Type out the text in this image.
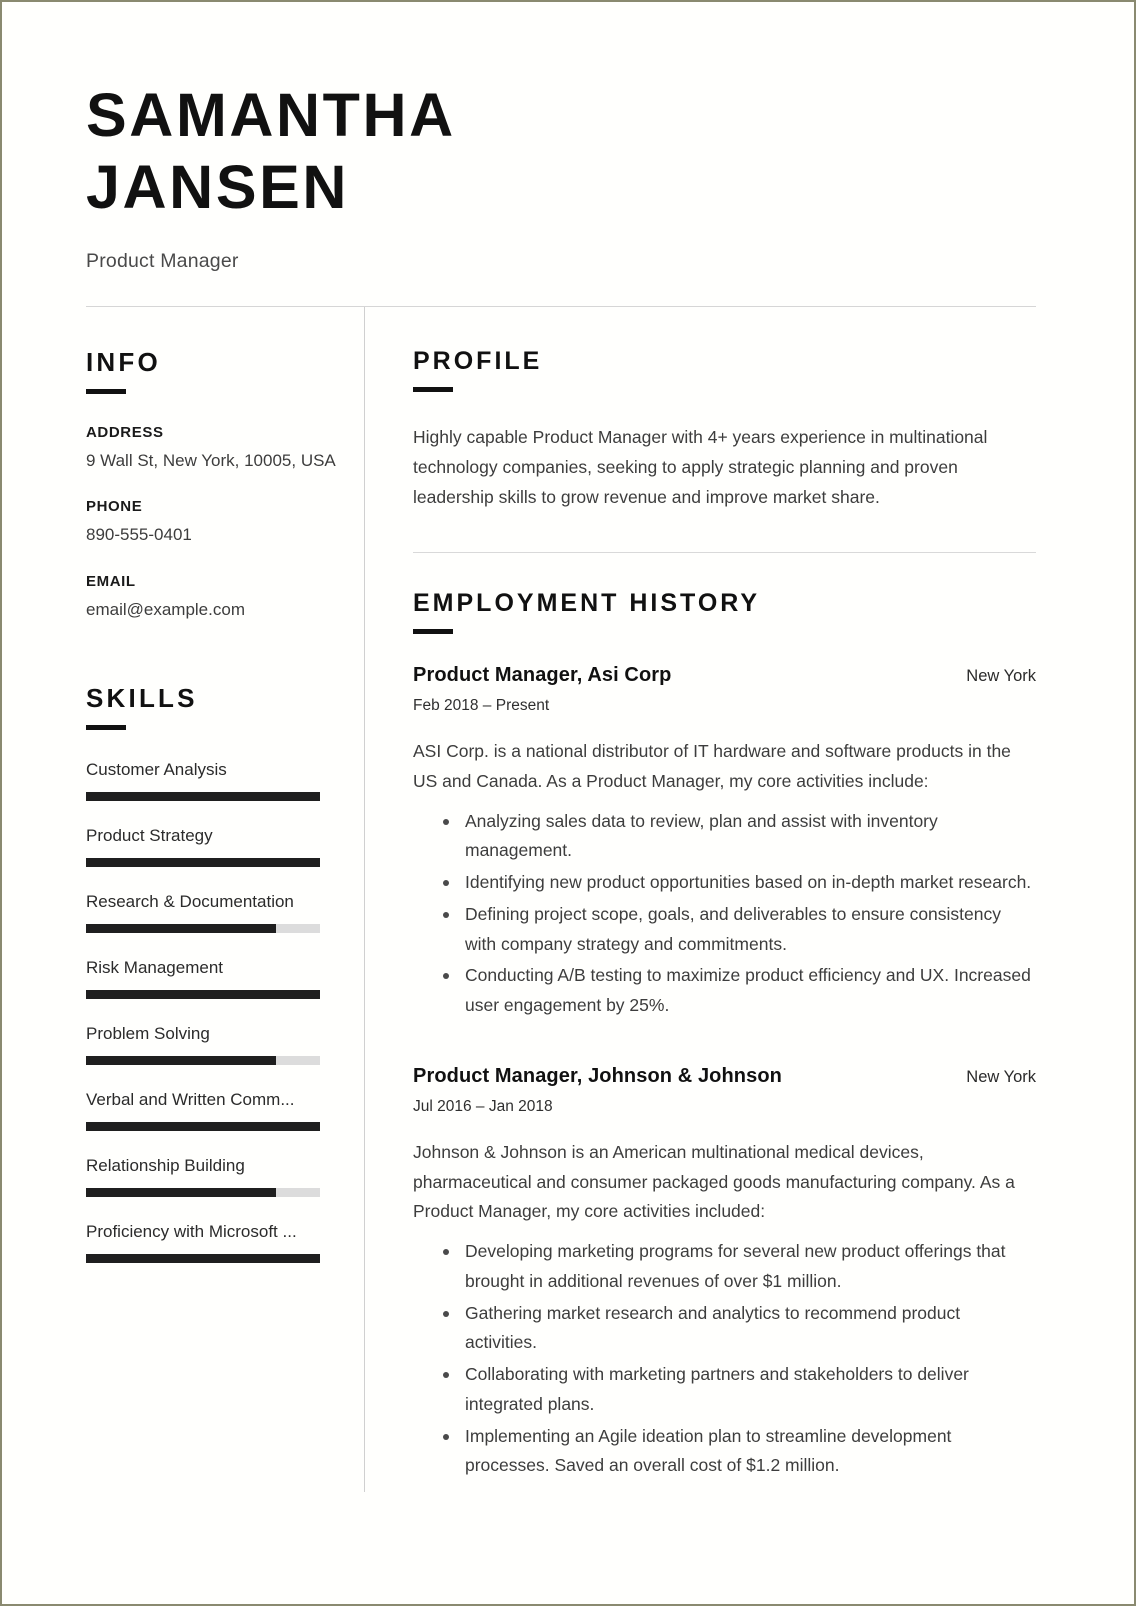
SAMANTHA
JANSEN
Product Manager
INFO
ADDRESS
9 Wall St, New York, 10005, USA
PHONE
890-555-0401
EMAIL
email@example.com
SKILLS
Customer Analysis
Product Strategy
Research & Documentation
Risk Management
Problem Solving
Verbal and Written Comm...
Relationship Building
Proficiency with Microsoft ...
PROFILE

Highly capable Product Manager with 4+ years experience in multinational technology companies, seeking to apply strategic planning and proven leadership skills to grow revenue and improve market share.

EMPLOYMENT HISTORY
Product Manager, Asi Corp	New York
Feb 2018 – Present

ASI Corp. is a national distributor of IT hardware and software products in the US and Canada. As a Product Manager, my core activities include:

Analyzing sales data to review, plan and assist with inventory management.
Identifying new product opportunities based on in-depth market research.
Defining project scope, goals, and deliverables to ensure consistency with company strategy and commitments.
Conducting A/B testing to maximize product efficiency and UX. Increased user engagement by 25%.
Product Manager, Johnson & Johnson	New York
Jul 2016 – Jan 2018

Johnson & Johnson is an American multinational medical devices, pharmaceutical and consumer packaged goods manufacturing company. As a Product Manager, my core activities included:

Developing marketing programs for several new product offerings that brought in additional revenues of over $1 million.
Gathering market research and analytics to recommend product activities.
Collaborating with marketing partners and stakeholders to deliver integrated plans.
Implementing an Agile ideation plan to streamline development processes. Saved an overall cost of $1.2 million.
